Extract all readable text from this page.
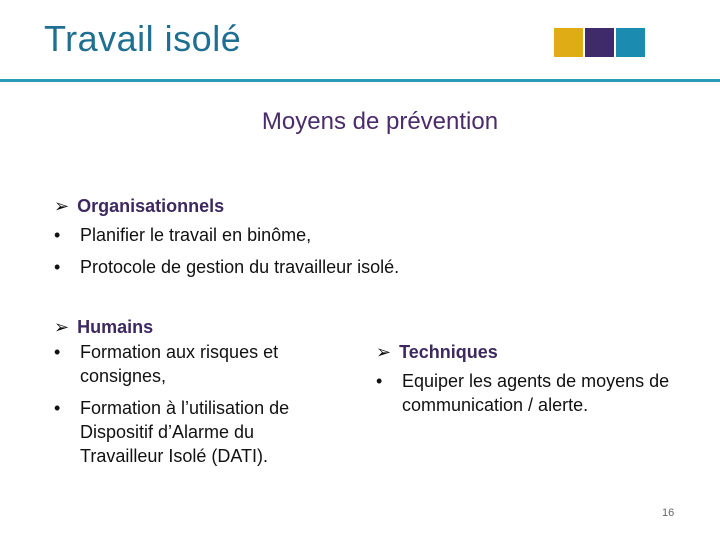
Travail isolé
Moyens de prévention
➢ Organisationnels
•	Planifier le travail en binôme,
•	Protocole de gestion du travailleur isolé.
➢ Humains
•	Formation aux risques et consignes,
•	Formation à l’utilisation de Dispositif d’Alarme du Travailleur Isolé (DATI).
➢ Techniques
•	Equiper les agents de moyens de communication / alerte.
16
